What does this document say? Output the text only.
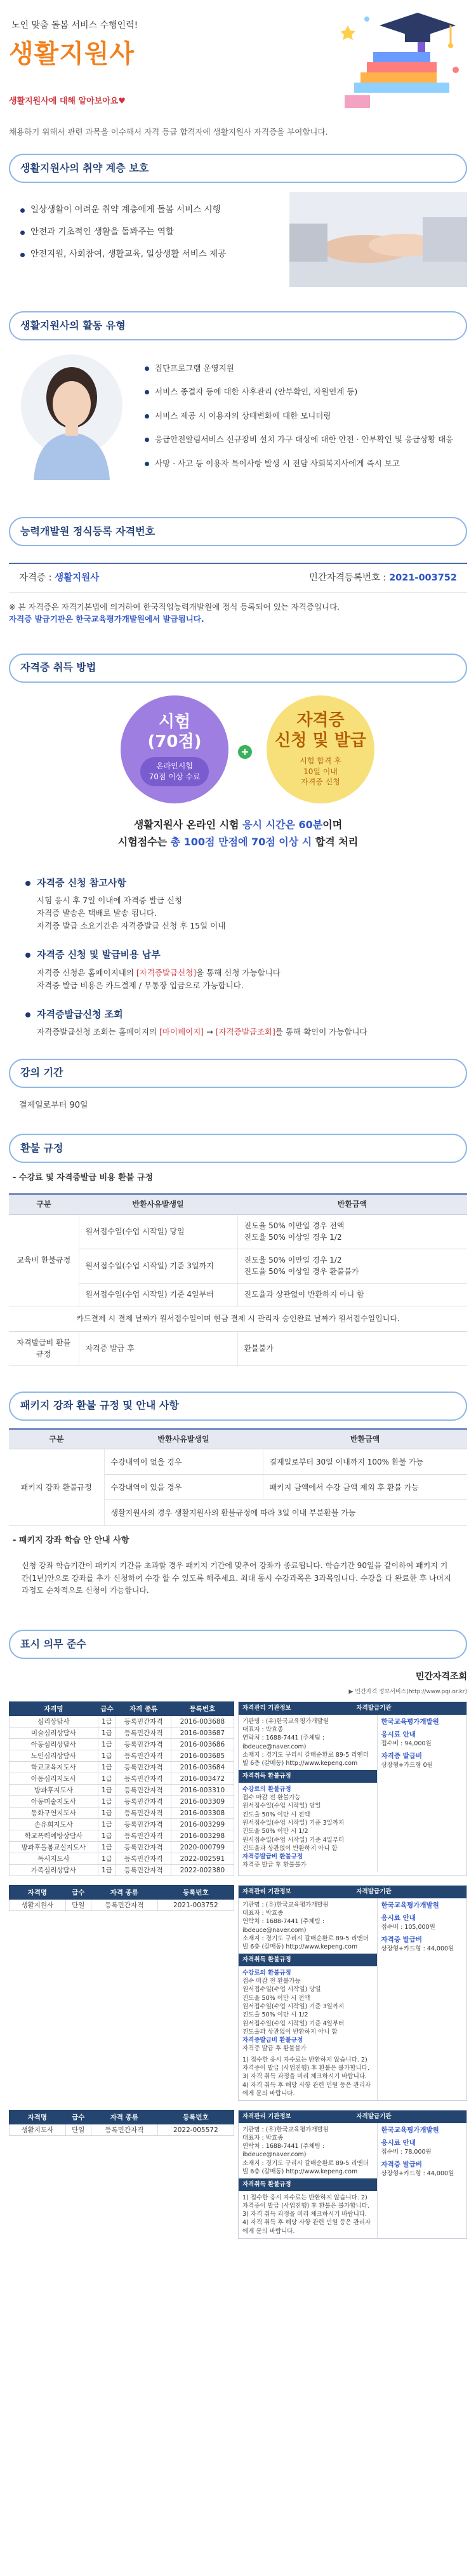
노인 맞춤 돌봄 서비스 수행인력!
생활지원사
생활지원사에 대해 알아보아요♥
채용하기 위해서 관련 과목을 이수해서 자격 등급 합격자에 생활지원사 자격증을 부여합니다.
생활지원사의 취약 계층 보호
일상생활이 어려운 취약 계층에게 돌봄 서비스 시행
안전과 기초적인 생활을 돌봐주는 역할
안전지원, 사회참여, 생활교육, 일상생활 서비스 제공
생활지원사의 활동 유형
집단프로그램 운영지원
서비스 종결자 등에 대한 사후관리 (안부확인, 자원연계 등)
서비스 제공 시 이용자의 상태변화에 대한 모니터링
응급안전알림서비스 신규장비 설치 가구 대상에 대한 안전 · 안부확인 및 응급상황 대응
사망 · 사고 등 이용자 특이사항 발생 시 전담 사회복지사에게 즉시 보고
능력개발원 정식등록 자격번호
자격증 : 생활지원사	민간자격등록번호 : 2021-003752
※ 본 자격증은 자격기본법에 의거하여 한국직업능력개발원에 정식 등록되어 있는 자격증입니다.
자격증 발급기관은 한국교육평가개발원에서 발급됩니다.
자격증 취득 방법
시험
(70점)
온라인시험
70점 이상 수료
+
자격증
신청 및 발급
시험 합격 후
10일 이내
자격증 신청
생활지원사 온라인 시험 응시 시간은 60분이며
시험점수는 총 100점 만점에 70점 이상 시 합격 처리
자격증 신청 참고사항

시험 응시 후 7일 이내에 자격증 발급 신청

자격증 발송은 택배로 발송 됩니다.

자격증 발급 소요기간은 자격증발급 신청 후 15일 이내

자격증 신청 및 발급비용 납부

자격증 신청은 홈페이지내의 [자격증발급신청]을 통해 신청 가능합니다

자격증 발급 비용은 카드결제 / 무통장 입금으로 가능합니다.

자격증발급신청 조회

자격증발급신청 조회는 홈페이지의 [마이페이지] → [자격증발급조회]를 통해 확인이 가능합니다

강의 기간
결제일로부터 90일
환불 규정
- 수강료 및 자격증발급 비용 환불 규정
구분	반환사유발생일	반환금액
교육비 환불규정	원서접수일(수업 시작일) 당일	진도율 50% 이만일 경우 전액
진도율 50% 이상일 경우 1/2

	원서접수일(수업 시작일) 기준 3일까지	진도율 50% 이만일 경우 1/2
진도율 50% 이상일 경우 환불불가

	원서접수일(수업 시작일) 기준 4일부터	진도율과 상관없이 반환하지 아니 함
카드결제 시 결제 날짜가 원서접수일이며 현금 결제 시 관리자 승인완료 날짜가 원서접수일입니다.		
자격발급비 환불규정	자격증 발급 후	환불불가
패키지 강좌 환불 규정 및 안내 사항
구분	반환사유발생일	반환금액
패키지 강좌 환불규정	수강내역이 없을 경우	결제일로부터 30일 이내까지 100% 환불 가능
	수강내역이 있을 경우	패키지 금액에서 수강 금액 제외 후 환불 가능
	생활지원사의 경우 생활지원사의 환불규정에 따라 3일 이내 부분환불 가능	
- 패키지 강좌 학습 안 안내 사항
신청 강좌 학습기간이 패키지 기간을 초과할 경우 패키지 기간에 맞추어 강좌가 종료됩니다. 학습기간 90일을 같이하여 패키지 기간(1년)안으로 강좌를 추가 신청하여 수강 할 수 있도록 해주세요. 최대 동시 수강과목은 3과목입니다. 수강을 다 완료한 후 나머지 과정도 순차적으로 신청이 가능합니다.
표시 의무 준수
민간자격조회
▶ 민간자격 정보서비스(http://www.pqi.or.kr)
자격명	급수	자격 종류	등록번호
심리상담사	1급	등록민간자격	2016-003688
미술심리상담사	1급	등록민간자격	2016-003687
아동심리상담사	1급	등록민간자격	2016-003686
노인심리상담사	1급	등록민간자격	2016-003685
학교교육지도사	1급	등록민간자격	2016-003684
아동심리지도사	1급	등록민간자격	2016-003472
방과후지도사	1급	등록민간자격	2016-003310
아동미술지도사	1급	등록민간자격	2016-003309
동화구연지도사	1급	등록민간자격	2016-003308
손유희지도사	1급	등록민간자격	2016-003299
학교폭력예방상담사	1급	등록민간자격	2016-003298
방과후돌봄교실지도사	1급	등록민간자격	2020-000799
독서지도사	1급	등록민간자격	2022-002591
가족심리상담사	1급	등록민간자격	2022-002380
자격관리 기관정보	자격발급기관
기관명 : (유)한국교육평가개발원
대표자 : 박효종
연락처 : 1688-7441 (주체팀 : ibdeuce@naver.com)
소재지 : 경기도 구리시 갈매순환로 89-5 리앤더빌 6층 (갈매동) http://www.kepeng.com
자격취득 환불규정
수강료의 환불규정
접수 마감 전 환불가능
원서접수일(수업 시작일) 당일
진도율 50% 이만 시 전액
원서접수일(수업 시작일) 기준 3일까지
진도율 50% 이만 시 1/2
원서접수일(수업 시작일) 기준 4일부터
진도율과 상관없이 반환하지 아니 함
자격증발급비 환불규정
자격증 발급 후 환불불가
한국교육평가개발원
응시료 안내
접수비 : 94,000원
자격증 발급비
상장형+카드형 0원
자격명	급수	자격 종류	등록번호
생활지원사	단일	등록민간자격	2021-003752
자격관리 기관정보	자격발급기관
기관명 : (유)한국교육평가개발원
대표자 : 박효종
연락처 : 1688-7441 (주체팀 : ibdeuce@naver.com)
소재지 : 경기도 구리시 갈매순환로 89-5 리앤더빌 6층 (갈매동) http://www.kepeng.com
자격취득 환불규정
수강료의 환불규정
접수 마감 전 환불가능
원서접수일(수업 시작일) 당일
진도율 50% 이만 시 전액
원서접수일(수업 시작일) 기준 3일까지
진도율 50% 이만 시 1/2
원서접수일(수업 시작일) 기준 4일부터
진도율과 상관없이 반환하지 아니 함
자격증발급비 환불규정
자격증 발급 후 환불불가
1) 접수한 응시 자수료는 반환하지 않습니다. 2) 자격증이 발급 (사업진행) 후 환불은 불가합니다. 3) 자격 취득 과정을 미리 체크하시기 바랍니다. 4) 자격 취득 후 해당 사항 관련 민원 등은 관리자에게 문의 바랍니다.
한국교육평가개발원
응시료 안내
접수비 : 105,000원
자격증 발급비
상장형+카드형 : 44,000원
자격명	급수	자격 종류	등록번호
생활지도사	단일	등록민간자격	2022-005572
자격관리 기관정보	자격발급기관
기관명 : (유)한국교육평가개발원
대표자 : 박효종
연락처 : 1688-7441 (주체팀 : ibdeuce@naver.com)
소재지 : 경기도 구리시 갈매순환로 89-5 리앤더빌 6층 (갈매동) http://www.kepeng.com
자격취득 환불규정
1) 접수한 응시 자수료는 반환하지 않습니다. 2) 자격증이 발급 (사업진행) 후 환불은 불가합니다. 3) 자격 취득 과정을 미리 체크하시기 바랍니다. 4) 자격 취득 후 해당 사항 관련 민원 등은 관리자에게 문의 바랍니다.
한국교육평가개발원
응시료 안내
접수비 : 78,000원
자격증 발급비
상장형+카드형 : 44,000원
